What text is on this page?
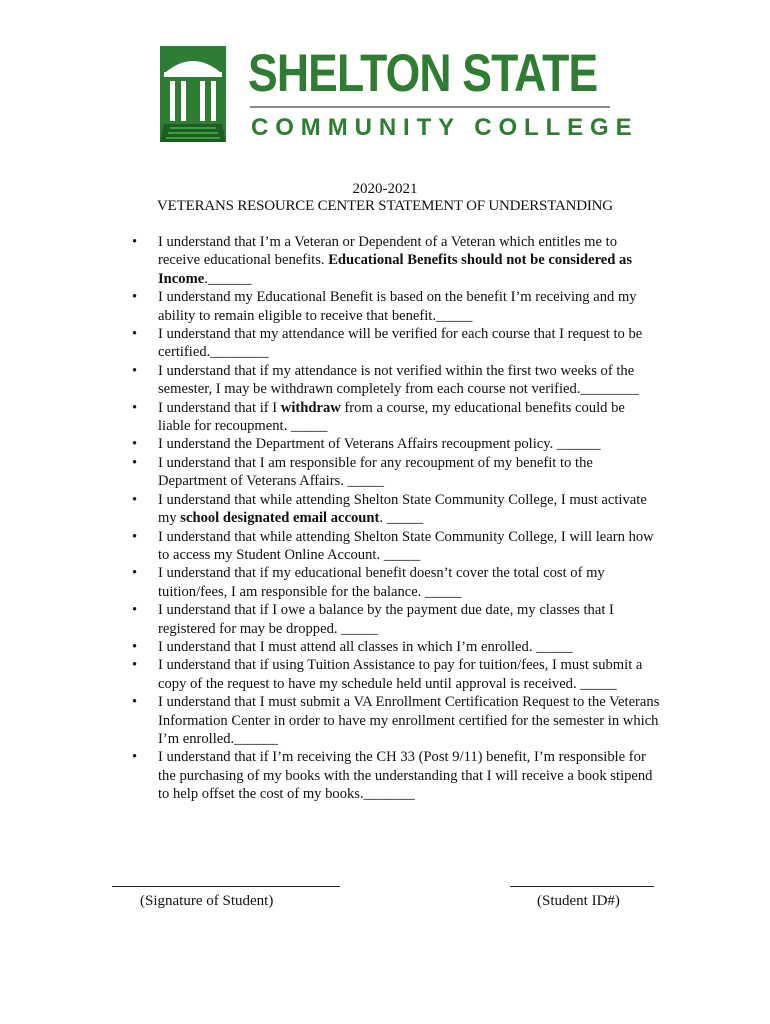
SHELTON STATE
COMMUNITY COLLEGE
2020-2021
VETERANS RESOURCE CENTER STATEMENT OF UNDERSTANDING
• I understand that I’m a Veteran or Dependent of a Veteran which entitles me to receive educational benefits. Educational Benefits should not be considered as Income.______
• I understand my Educational Benefit is based on the benefit I’m receiving and my ability to remain eligible to receive that benefit._____
• I understand that my attendance will be verified for each course that I request to be certified.________
• I understand that if my attendance is not verified within the first two weeks of the semester, I may be withdrawn completely from each course not verified.________
• I understand that if I withdraw from a course, my educational benefits could be liable for recoupment. _____
• I understand the Department of Veterans Affairs recoupment policy. ______
• I understand that I am responsible for any recoupment of my benefit to the Department of Veterans Affairs. _____
• I understand that while attending Shelton State Community College, I must activate my school designated email account. _____
• I understand that while attending Shelton State Community College, I will learn how to access my Student Online Account. _____
• I understand that if my educational benefit doesn’t cover the total cost of my tuition/fees, I am responsible for the balance. _____
• I understand that if I owe a balance by the payment due date, my classes that I registered for may be dropped. _____
• I understand that I must attend all classes in which I’m enrolled. _____
• I understand that if using Tuition Assistance to pay for tuition/fees, I must submit a copy of the request to have my schedule held until approval is received. _____
• I understand that I must submit a VA Enrollment Certification Request to the Veterans Information Center in order to have my enrollment certified for the semester in which I’m enrolled.______
• I understand that if I’m receiving the CH 33 (Post 9/11) benefit, I’m responsible for the purchasing of my books with the understanding that I will receive a book stipend to help offset the cost of my books._______
(Signature of Student)	(Student ID#)
